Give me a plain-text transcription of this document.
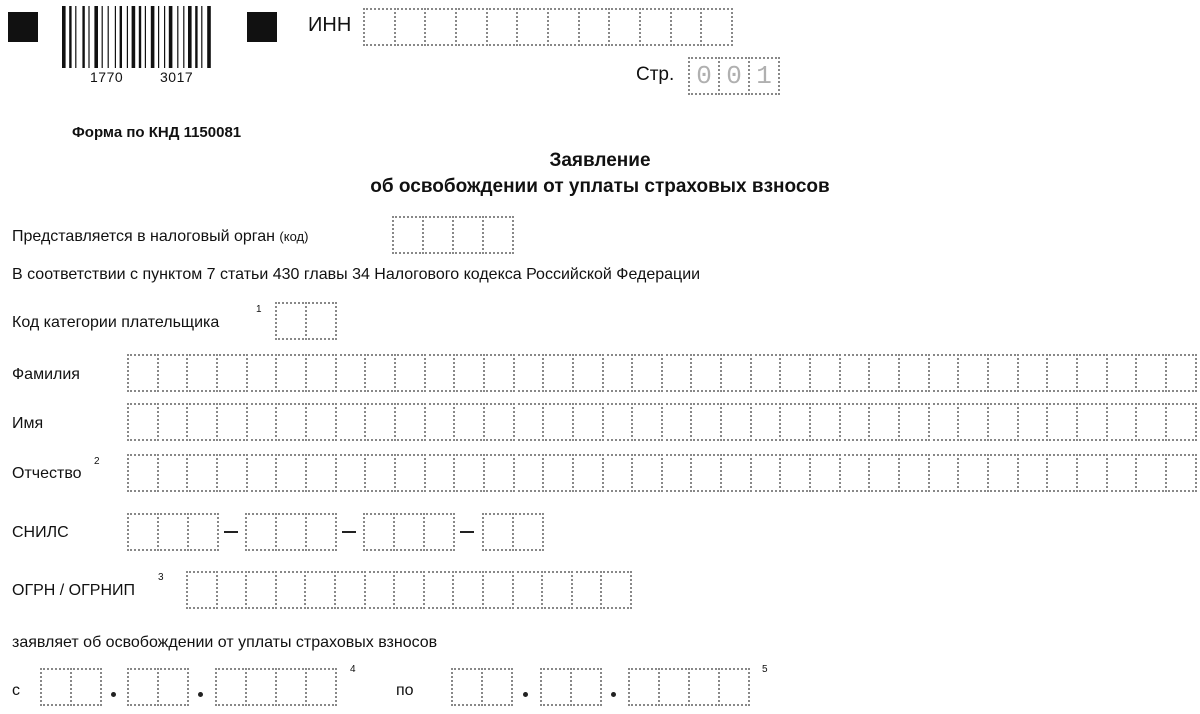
1770	3017
ИНН
Стр. 0 0 1
Форма по КНД 1150081
Заявление
об освобождении от уплаты страховых взносов
Представляется в налоговый орган (код)
В соответствии с пунктом 7 статьи 430 главы 34 Налогового кодекса Российской Федерации
Код категории плательщика
1
Фамилия
Имя
Отчество
2
СНИЛС
ОГРН / ОГРНИП
3
заявляет об освобождении от уплаты страховых взносов
с
4
по
5
